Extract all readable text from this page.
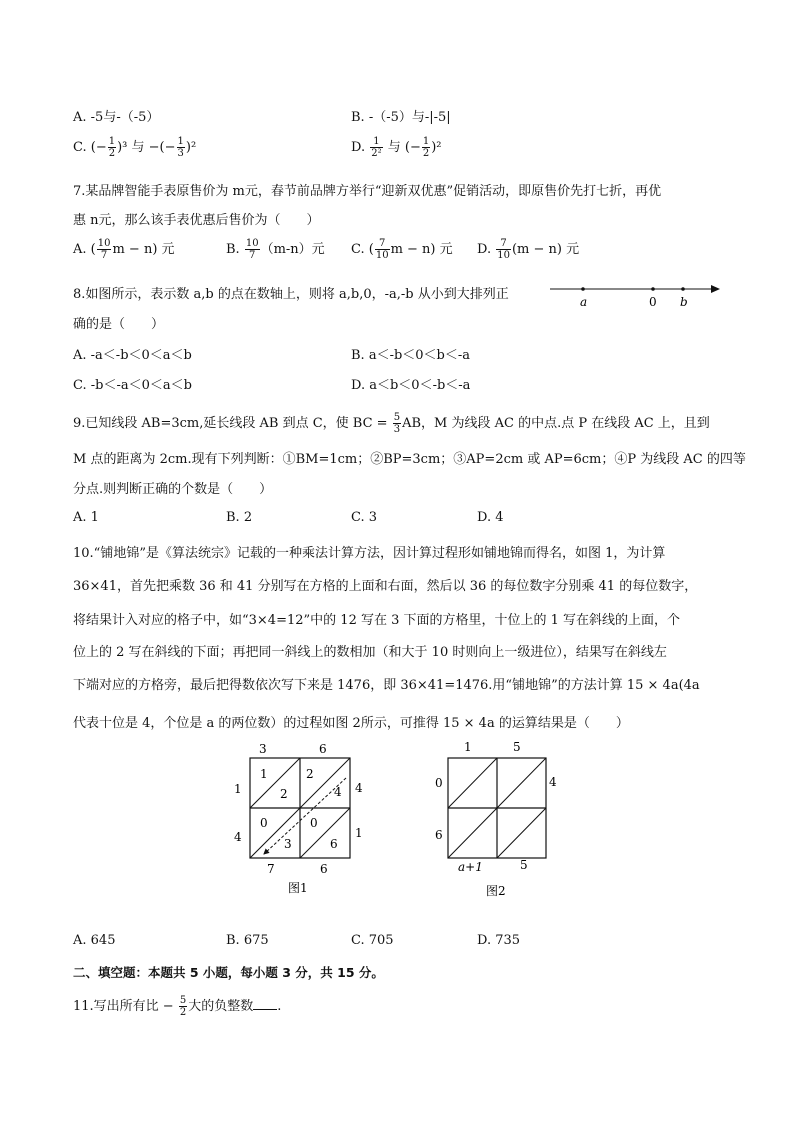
A. -5与-（-5）	B. -（-5）与-|-5|
C. (− $\frac{1}{2} )^3$ 与 −(− $\frac{1}{3} )^2$	D. $\frac{1}{\text{2²}}$ 与 (− $\frac{1}{2} )^2$
7.某品牌智能手表原售价为 m元，春节前品牌方举行“迎新双优惠”促销活动，即原售价先打七折，再优
惠 n元，那么该手表优惠后售价为（　　）
A. ( $\frac{10}{7}$ m − n) 元	B. $\frac{10}{7} (m-n)$元 C. ( $\frac{7}{10}$ m − n) 元 D. $\frac{7}{10} (m - n)$ 元
8.如图所示，表示数 a,b 的点在数轴上，则将 a,b,0，-a,-b 从小到大排列正
确的是（　　）
a	0 b
A. -a＜-b＜0＜a＜b	B. a＜-b＜0＜b＜-a
C. -b＜-a＜0＜a＜b	D. a＜b＜0＜-b＜-a
9.已知线段 AB=3cm,延长线段 AB 到点 C，使 BC = $\frac{5}{3}$ AB，M 为线段 AC 的中点.点 P 在线段 AC 上，且到
M 点的距离为 2cm.现有下列判断：①BM=1cm；②BP=3cm；③AP=2cm 或 AP=6cm；④P 为线段 AC 的四等
分点.则判断正确的个数是（　　）
A. 1	B. 2	C. 3	D. 4
10.“铺地锦”是《算法统宗》记载的一种乘法计算方法，因计算过程形如铺地锦而得名，如图 1，为计算
36×41，首先把乘数 36 和 41 分别写在方格的上面和右面，然后以 36 的每位数字分别乘 41 的每位数字，
将结果计入对应的格子中，如“3×4=12”中的 12 写在 3 下面的方格里，十位上的 1 写在斜线的上面，个
位上的 2 写在斜线的下面；再把同一斜线上的数相加（和大于 10 时则向上一级进位），结果写在斜线左
下端对应的方格旁，最后把得数依次写下来是 1476，即 36×41=1476.用“铺地锦”的方法计算 15 × 4a(4a
代表十位是 4，个位是 a 的两位数）的过程如图 2所示，可推得 15 × 4a 的运算结果是（　　）
3	6
4
1
1
4
7	6
1
2
2
4
0
3
0
6
图1
1	5
4
0
6
a+1	5
图2
A. 645	B. 675	C. 705	D. 735
二、填空题：本题共 5 小题，每小题 3 分，共 15 分。
11.写出所有比 − $\frac{5}{2}$ 大的负整数 .
